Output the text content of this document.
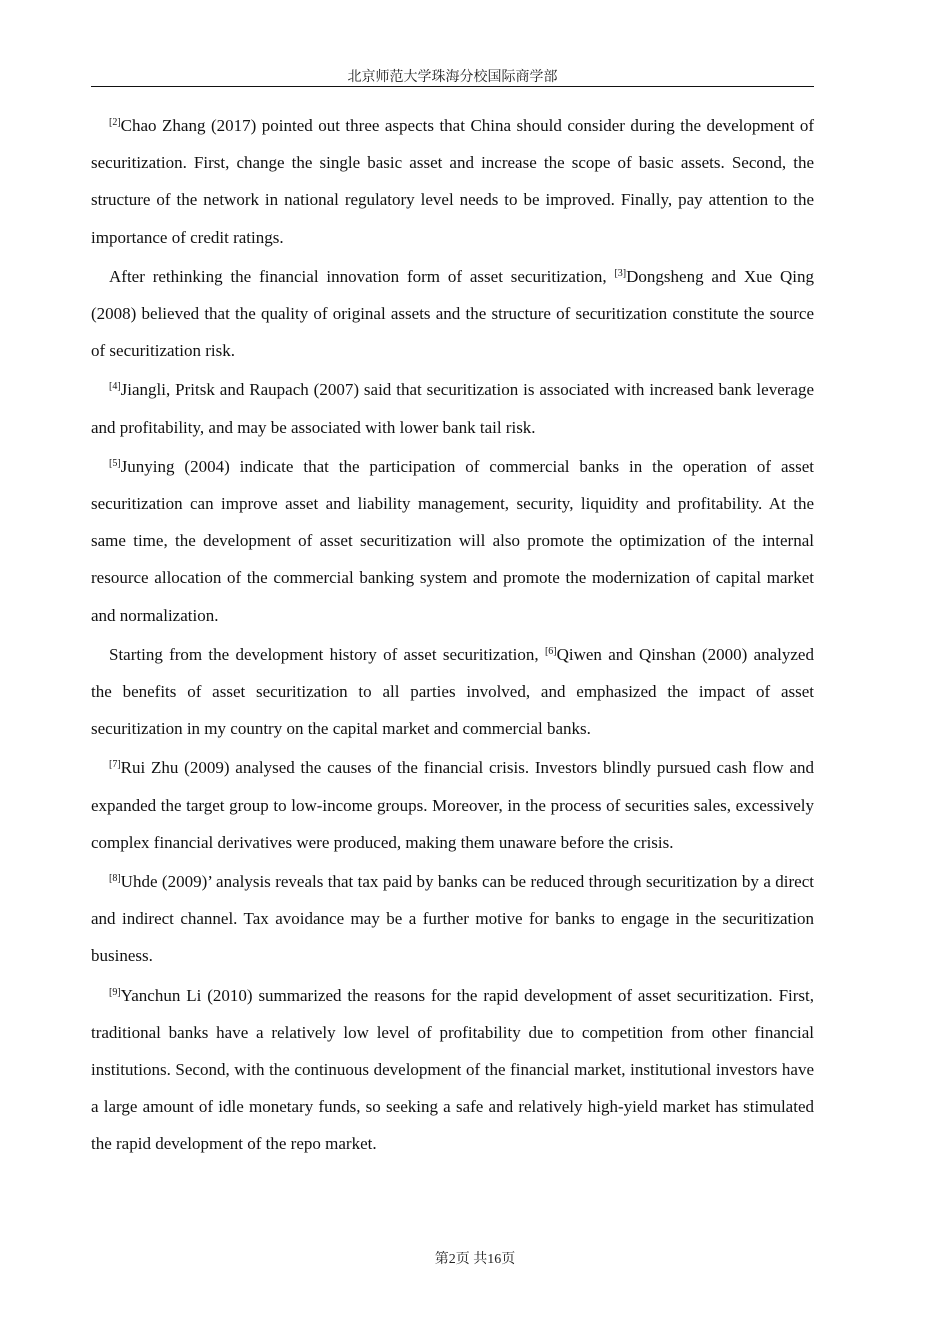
北京师范大学珠海分校国际商学部

[2]Chao Zhang (2017) pointed out three aspects that China should consider during the development of securitization. First, change the single basic asset and increase the scope of basic assets. Second, the structure of the network in national regulatory level needs to be improved. Finally, pay attention to the importance of credit ratings.

After rethinking the financial innovation form of asset securitization, [3]Dongsheng and Xue Qing (2008) believed that the quality of original assets and the structure of securitization constitute the source of securitization risk.

[4]Jiangli, Pritsk and Raupach (2007) said that securitization is associated with increased bank leverage and profitability, and may be associated with lower bank tail risk.

[5]Junying (2004) indicate that the participation of commercial banks in the operation of asset securitization can improve asset and liability management, security, liquidity and profitability. At the same time, the development of asset securitization will also promote the optimization of the internal resource allocation of the commercial banking system and promote the modernization of capital market and normalization.

Starting from the development history of asset securitization, [6]Qiwen and Qinshan (2000) analyzed the benefits of asset securitization to all parties involved, and emphasized the impact of asset securitization in my country on the capital market and commercial banks.

[7]Rui Zhu (2009) analysed the causes of the financial crisis. Investors blindly pursued cash flow and expanded the target group to low-income groups. Moreover, in the process of securities sales, excessively complex financial derivatives were produced, making them unaware before the crisis.

[8]Uhde (2009)’ analysis reveals that tax paid by banks can be reduced through securitization by a direct and indirect channel. Tax avoidance may be a further motive for banks to engage in the securitization business.

[9]Yanchun Li (2010) summarized the reasons for the rapid development of asset securitization. First, traditional banks have a relatively low level of profitability due to competition from other financial institutions. Second, with the continuous development of the financial market, institutional investors have a large amount of idle monetary funds, so seeking a safe and relatively high-yield market has stimulated the rapid development of the repo market.

第2页 共16页
